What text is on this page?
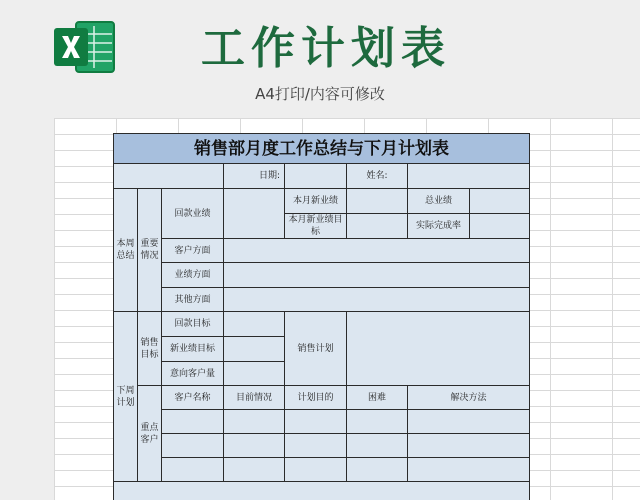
工作计划表
A4打印/内容可修改
销售部月度工作总结与下月计划表							
			日期:		姓名:		
本周总结	重要情况	回款业绩		本月新业绩		总业绩	
				本月新业绩目标		实际完成率	
		客户方面					
		业绩方面					
		其他方面					
下周计划	销售目标	回款目标		销售计划			
		新业绩目标					
		意向客户量					
	重点客户	客户名称	目前情况	计划目的	困难	解决方法	
